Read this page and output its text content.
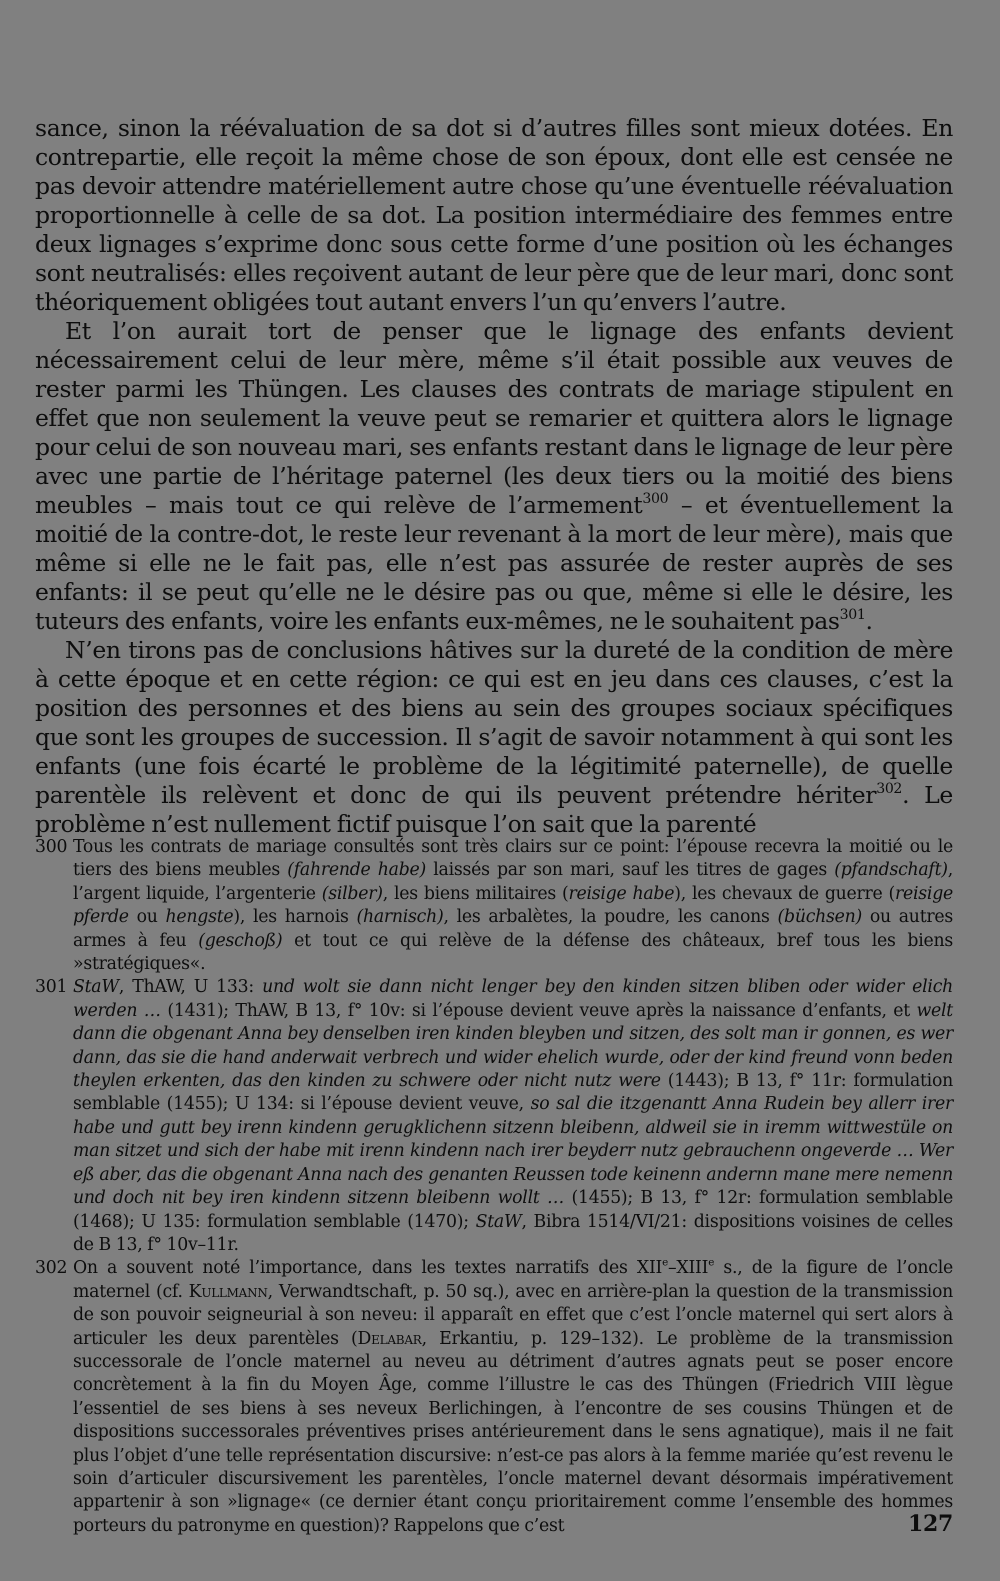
sance, sinon la réévaluation de sa dot si d’autres filles sont mieux dotées. En contrepartie, elle reçoit la même chose de son époux, dont elle est censée ne pas devoir attendre matériellement autre chose qu’une éventuelle réévaluation proportionnelle à celle de sa dot. La position intermédiaire des femmes entre deux lignages s’exprime donc sous cette forme d’une position où les échanges sont neutralisés: elles reçoivent autant de leur père que de leur mari, donc sont théoriquement obligées tout autant envers l’un qu’envers l’autre.

Et l’on aurait tort de penser que le lignage des enfants devient nécessairement celui de leur mère, même s’il était possible aux veuves de rester parmi les Thüngen. Les clauses des contrats de mariage stipulent en effet que non seulement la veuve peut se remarier et quittera alors le lignage pour celui de son nouveau mari, ses enfants restant dans le lignage de leur père avec une partie de l’héritage paternel (les deux tiers ou la moitié des biens meubles – mais tout ce qui relève de l’armement$^{300}$ – et éventuellement la moitié de la contre-dot, le reste leur revenant à la mort de leur mère), mais que même si elle ne le fait pas, elle n’est pas assurée de rester auprès de ses enfants: il se peut qu’elle ne le désire pas ou que, même si elle le désire, les tuteurs des enfants, voire les enfants eux-mêmes, ne le souhaitent pas$^{301}$.

N’en tirons pas de conclusions hâtives sur la dureté de la condition de mère à cette époque et en cette région: ce qui est en jeu dans ces clauses, c’est la position des personnes et des biens au sein des groupes sociaux spécifiques que sont les groupes de succession. Il s’agit de savoir notamment à qui sont les enfants (une fois écarté le problème de la légitimité paternelle), de quelle parentèle ils relèvent et donc de qui ils peuvent prétendre hériter$^{302}$. Le problème n’est nullement fictif puisque l’on sait que la parenté

300 Tous les contrats de mariage consultés sont très clairs sur ce point: l’épouse recevra la moitié ou le tiers des biens meubles (fahrende habe) laissés par son mari, sauf les titres de gages (pfandschaft), l’argent liquide, l’argenterie (silber), les biens militaires (reisige habe), les chevaux de guerre (reisige pferde ou hengste), les harnois (harnisch), les arbalètes, la poudre, les canons (büchsen) ou autres armes à feu (geschoß) et tout ce qui relève de la défense des châteaux, bref tous les biens »stratégiques«.

301 StaW, ThAW, U 133: und wolt sie dann nicht lenger bey den kinden sitzen bliben oder wider elich werden … (1431); ThAW, B 13, f° 10v: si l’épouse devient veuve après la naissance d’enfants, et welt dann die obgenant Anna bey denselben iren kinden bleyben und sitzen, des solt man ir gonnen, es wer dann, das sie die hand anderwait verbrech und wider ehelich wurde, oder der kind freund vonn beden theylen erkenten, das den kinden zu schwere oder nicht nutz were (1443); B 13, f° 11r: formulation semblable (1455); U 134: si l’épouse devient veuve, so sal die itzgenantt Anna Rudein bey allerr irer habe und gutt bey irenn kindenn gerugklichenn sitzenn bleibenn, aldweil sie in iremm wittwestüle on man sitzet und sich der habe mit irenn kindenn nach irer beyderr nutz gebrauchenn ongeverde … Wer eß aber, das die obgenant Anna nach des genanten Reussen tode keinenn andernn mane mere nemenn und doch nit bey iren kindenn sitzenn bleibenn wollt … (1455); B 13, f° 12r: formulation semblable (1468); U 135: formulation semblable (1470); StaW, Bibra 1514/VI/21: dispositions voisines de celles de B 13, f° 10v–11r.

302 On a souvent noté l’importance, dans les textes narratifs des XIIe–XIIIe s., de la figure de l’oncle maternel (cf. Kullmann, Verwandtschaft, p. 50 sq.), avec en arrière-plan la question de la transmission de son pouvoir seigneurial à son neveu: il apparaît en effet que c’est l’oncle maternel qui sert alors à articuler les deux parentèles (Delabar, Erkantiu, p. 129–132). Le problème de la transmission successorale de l’oncle maternel au neveu au détriment d’autres agnats peut se poser encore concrètement à la fin du Moyen Âge, comme l’illustre le cas des Thüngen (Friedrich VIII lègue l’essentiel de ses biens à ses neveux Berlichingen, à l’encontre de ses cousins Thüngen et de dispositions successorales préventives prises antérieurement dans le sens agnatique), mais il ne fait plus l’objet d’une telle représentation discursive: n’est-ce pas alors à la femme mariée qu’est revenu le soin d’articuler discursivement les parentèles, l’oncle maternel devant désormais impérativement appartenir à son »lignage« (ce dernier étant conçu prioritairement comme l’ensemble des hommes porteurs du patronyme en question)? Rappelons que c’est	127
